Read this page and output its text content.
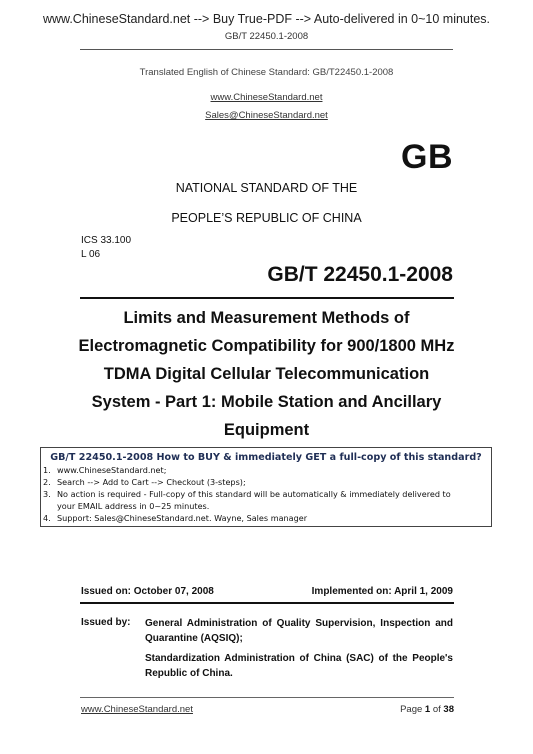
www.ChineseStandard.net --> Buy True-PDF --> Auto-delivered in 0~10 minutes.
GB/T 22450.1-2008
Translated English of Chinese Standard: GB/T22450.1-2008
www.ChineseStandard.net
Sales@ChineseStandard.net
GB
NATIONAL STANDARD OF THE
PEOPLE’S REPUBLIC OF CHINA
ICS 33.100
L 06
GB/T 22450.1-2008
Limits and Measurement Methods of
Electromagnetic Compatibility for 900/1800 MHz
TDMA Digital Cellular Telecommunication
System - Part 1: Mobile Station and Ancillary
Equipment
GB/T 22450.1-2008 How to BUY & immediately GET a full-copy of this standard?
1. www.ChineseStandard.net;
2. Search --> Add to Cart --> Checkout (3-steps);
3. No action is required - Full-copy of this standard will be automatically & immediately delivered to
your EMAIL address in 0~25 minutes.
4. Support: Sales@ChineseStandard.net. Wayne, Sales manager
Issued on: October 07, 2008	Implemented on: April 1, 2009
Issued by: General Administration of Quality Supervision, Inspection and Quarantine (AQSIQ);
Standardization Administration of China (SAC) of the People's Republic of China.
www.ChineseStandard.net	Page 1 of 38
